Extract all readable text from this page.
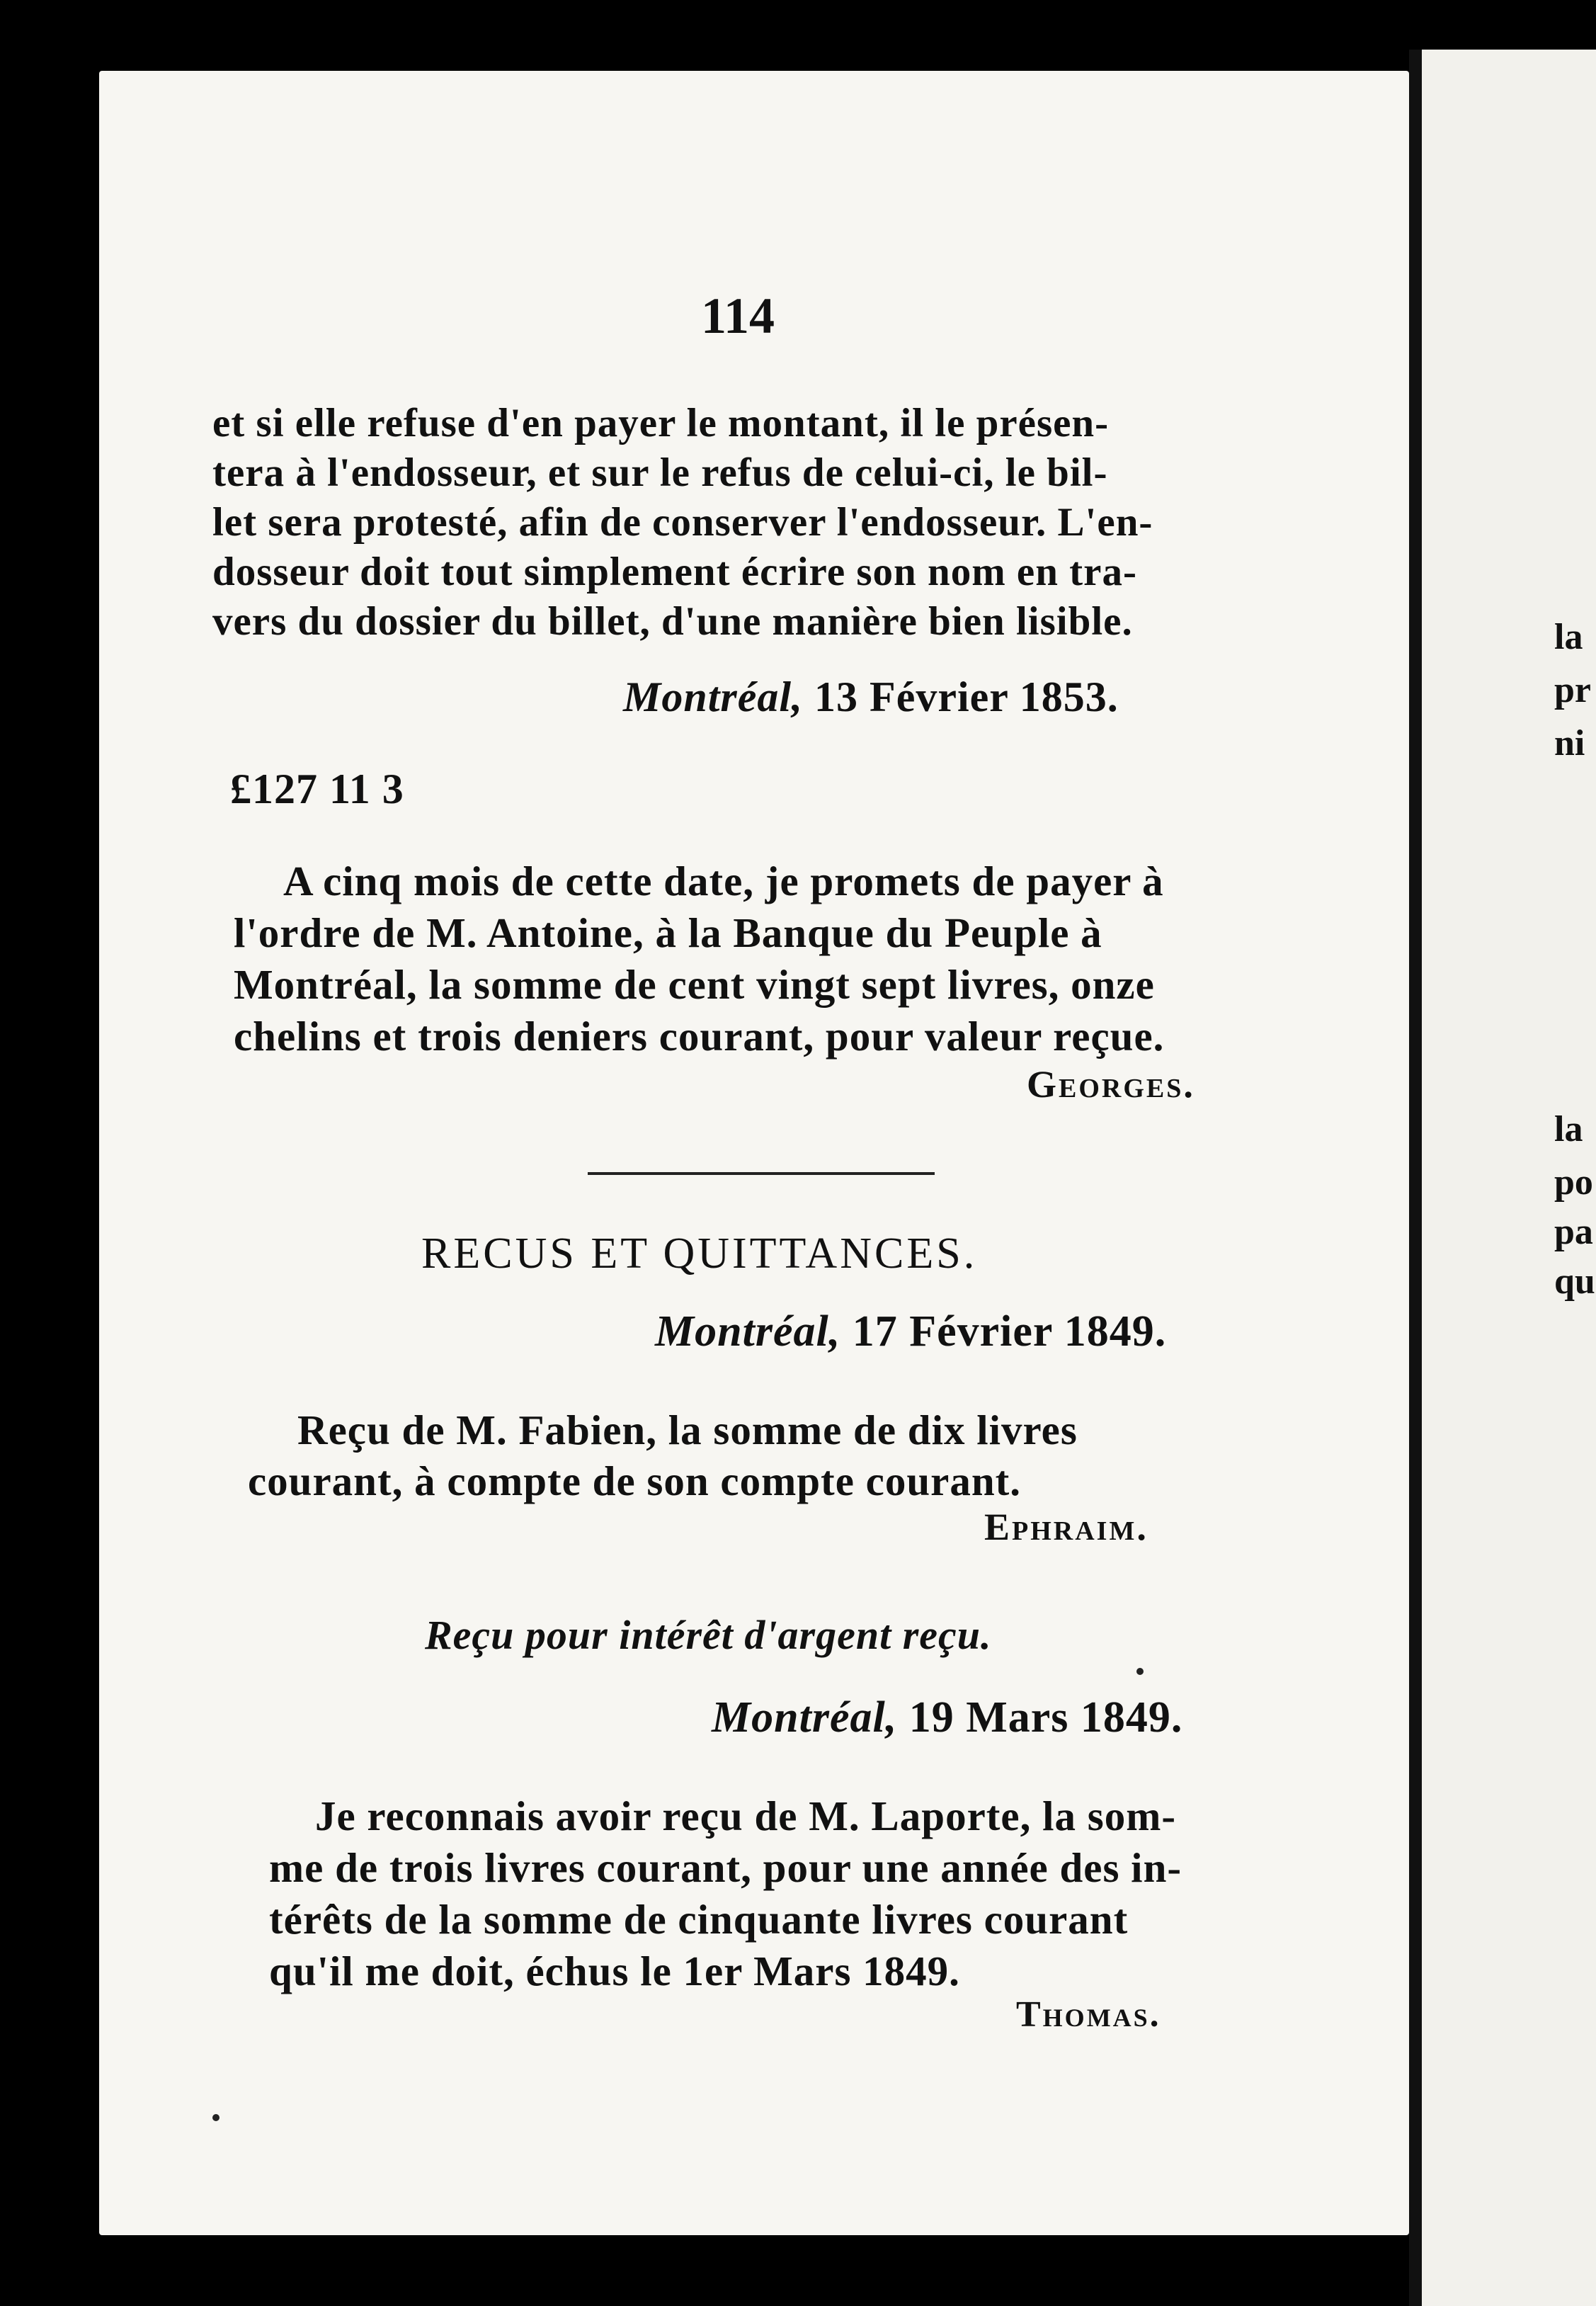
114
et si elle refuse d'en payer le montant, il le présen-
tera à l'endosseur, et sur le refus de celui-ci, le bil-
let sera protesté, afin de conserver l'endosseur. L'en-
dosseur doit tout simplement écrire son nom en tra-
vers du dossier du billet, d'une manière bien lisible.
Montréal, 13 Février 1853.
£127 11 3
A cinq mois de cette date, je promets de payer à
l'ordre de M. Antoine, à la Banque du Peuple à
Montréal, la somme de cent vingt sept livres, onze
chelins et trois deniers courant, pour valeur reçue.
Georges.
RECUS ET QUITTANCES.
Montréal, 17 Février 1849.
Reçu de M. Fabien, la somme de dix livres
courant, à compte de son compte courant.
Ephraim.
Reçu pour intérêt d'argent reçu.
Montréal, 19 Mars 1849.
Je reconnais avoir reçu de M. Laporte, la som-
me de trois livres courant, pour une année des in-
térêts de la somme de cinquante livres courant
qu'il me doit, échus le 1er Mars 1849.
Thomas.
la
pr
ni
la
po
pa
qu
